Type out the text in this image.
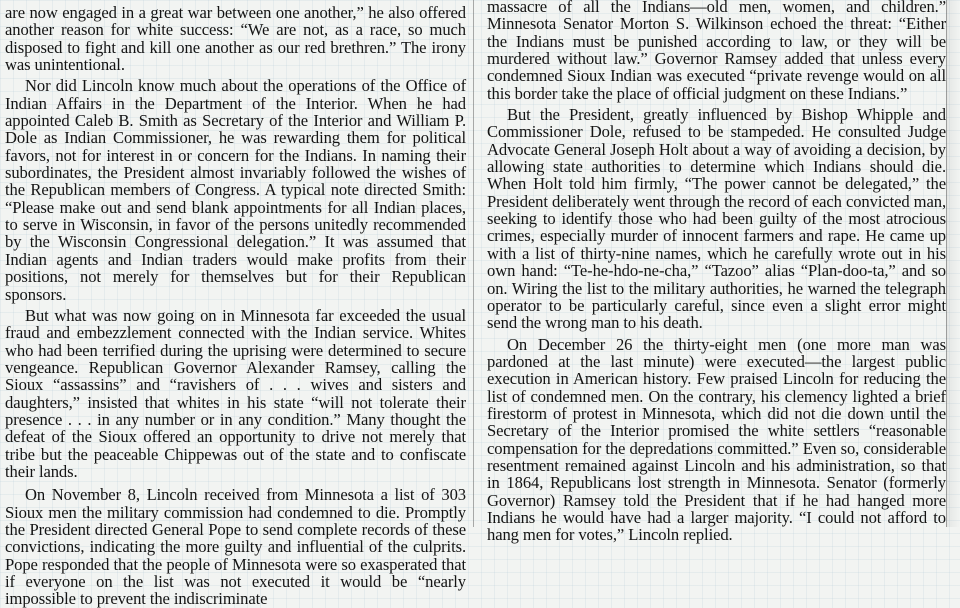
are now engaged in a great war between one another,” he also offered another reason for white success: “We are not, as a race, so much disposed to fight and kill one another as our red brethren.” The irony was unintentional.

Nor did Lincoln know much about the operations of the Office of Indian Affairs in the Department of the Interior. When he had appointed Caleb B. Smith as Secretary of the Interior and William P. Dole as Indian Commissioner, he was rewarding them for political favors, not for interest in or concern for the Indians. In naming their subordinates, the President almost invariably followed the wishes of the Republican members of Congress. A typical note directed Smith: “Please make out and send blank appointments for all Indian places, to serve in Wisconsin, in favor of the persons unitedly recommended by the Wisconsin Congressional delegation.” It was assumed that Indian agents and Indian traders would make profits from their positions, not merely for themselves but for their Republican sponsors.

But what was now going on in Minnesota far exceeded the usual fraud and embezzlement connected with the Indian service. Whites who had been terrified during the uprising were determined to secure vengeance. Republican Governor Alexander Ramsey, calling the Sioux “assassins” and “ravishers of . . . wives and sisters and daughters,” insisted that whites in his state “will not tolerate their presence . . . in any number or in any condition.” Many thought the defeat of the Sioux offered an opportunity to drive not merely that tribe but the peaceable Chippewas out of the state and to confiscate their lands.

On November 8, Lincoln received from Minnesota a list of 303 Sioux men the military commission had condemned to die. Promptly the President directed General Pope to send complete records of these convictions, indicating the more guilty and influential of the culprits. Pope responded that the people of Minnesota were so exasperated that if everyone on the list was not executed it would be “nearly impossible to prevent the indiscriminate

massacre of all the Indians—old men, women, and children.” Minnesota Senator Morton S. Wilkinson echoed the threat: “Either the Indians must be punished according to law, or they will be murdered without law.” Governor Ramsey added that unless every condemned Sioux Indian was executed “private revenge would on all this border take the place of official judgment on these Indians.”

But the President, greatly influenced by Bishop Whipple and Commissioner Dole, refused to be stampeded. He consulted Judge Advocate General Joseph Holt about a way of avoiding a decision, by allowing state authorities to determine which Indians should die. When Holt told him firmly, “The power cannot be delegated,” the President deliberately went through the record of each convicted man, seeking to identify those who had been guilty of the most atrocious crimes, especially murder of innocent farmers and rape. He came up with a list of thirty-nine names, which he carefully wrote out in his own hand: “Te-he-hdo-ne-cha,” “Tazoo” alias “Plan-doo-ta,” and so on. Wiring the list to the military authorities, he warned the telegraph operator to be particularly careful, since even a slight error might send the wrong man to his death.

On December 26 the thirty-eight men (one more man was pardoned at the last minute) were executed—the largest public execution in American history. Few praised Lincoln for reducing the list of condemned men. On the contrary, his clemency lighted a brief firestorm of protest in Minnesota, which did not die down until the Secretary of the Interior promised the white settlers “reasonable compensation for the depredations committed.” Even so, considerable resentment remained against Lincoln and his administration, so that in 1864, Republicans lost strength in Minnesota. Senator (formerly Governor) Ramsey told the President that if he had hanged more Indians he would have had a larger majority. “I could not afford to hang men for votes,” Lincoln replied.
